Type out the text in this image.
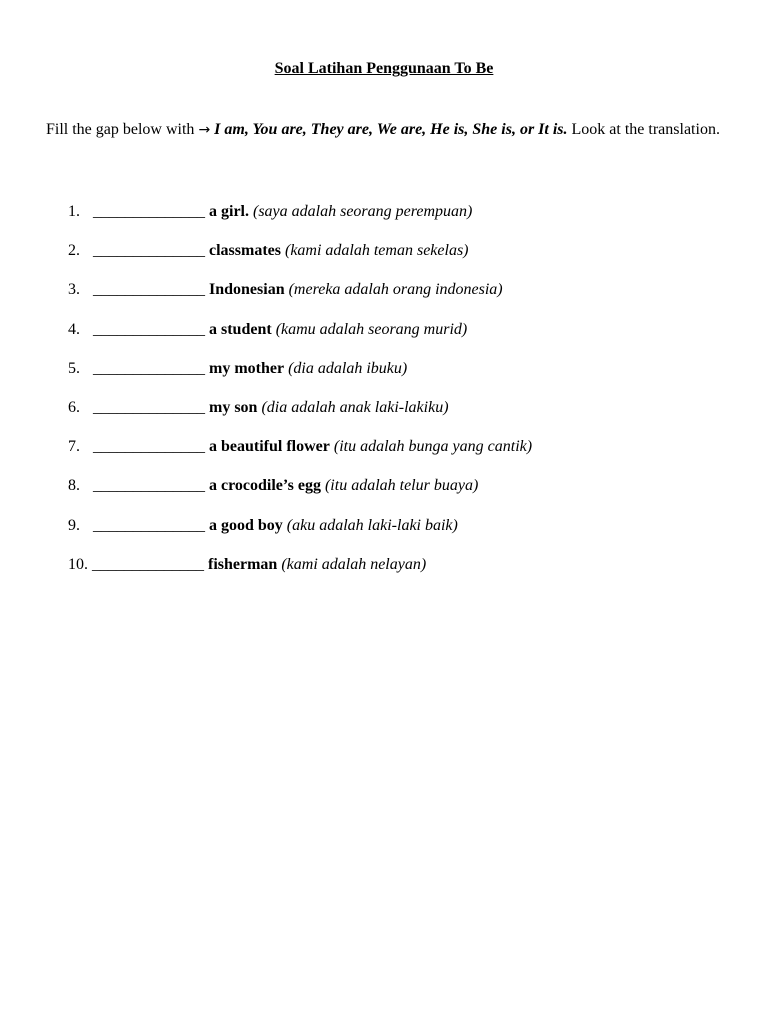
Soal Latihan Penggunaan To Be
Fill the gap below with → I am, You are, They are, We are, He is, She is, or It is. Look at the translation.
1. ______________ a girl. (saya adalah seorang perempuan)
2. ______________ classmates (kami adalah teman sekelas)
3. ______________ Indonesian (mereka adalah orang indonesia)
4. ______________ a student (kamu adalah seorang murid)
5. ______________ my mother (dia adalah ibuku)
6. ______________ my son (dia adalah anak laki-lakiku)
7. ______________ a beautiful flower (itu adalah bunga yang cantik)
8. ______________ a crocodile’s egg (itu adalah telur buaya)
9. ______________ a good boy (aku adalah laki-laki baik)
10. ______________ fisherman (kami adalah nelayan)
